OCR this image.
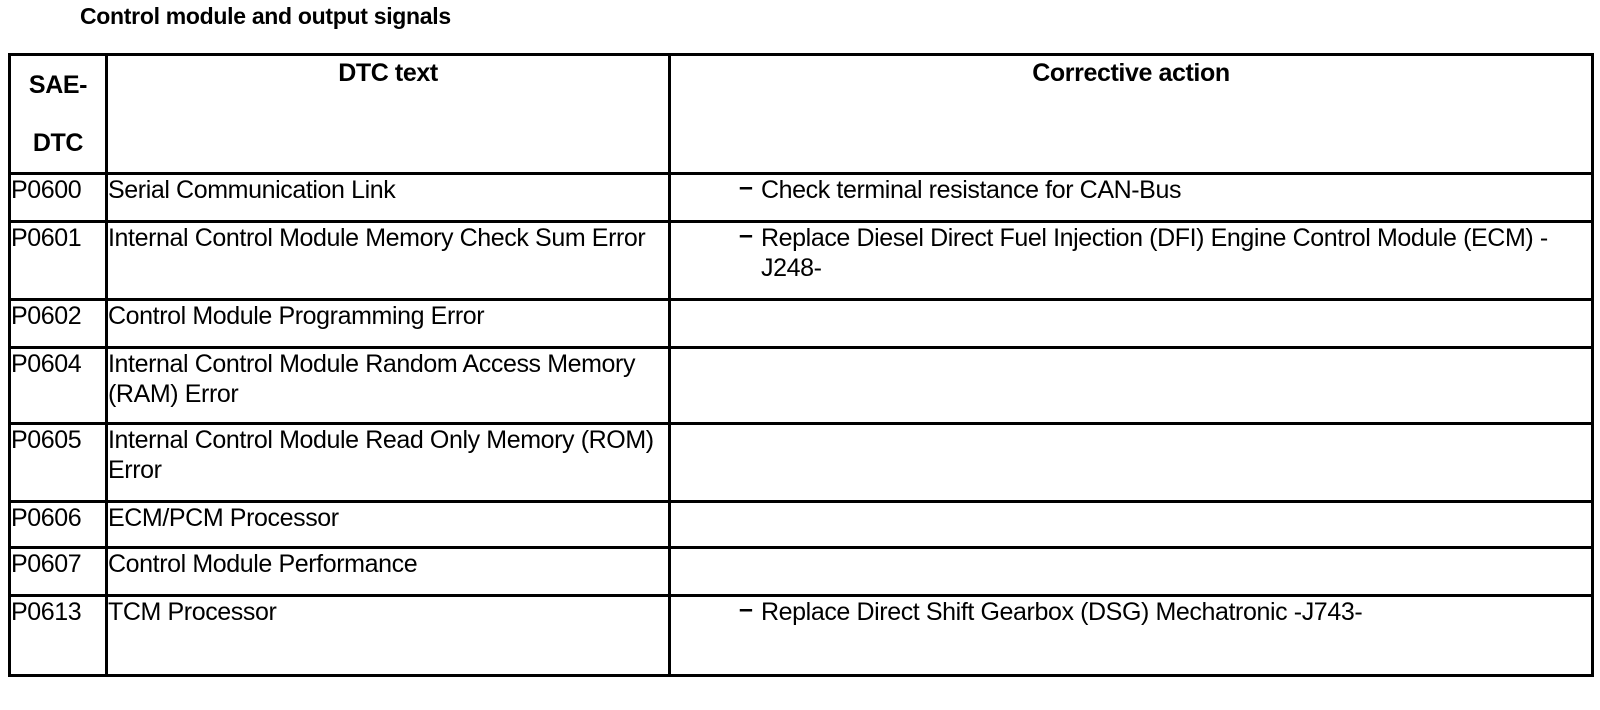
Control module and output signals
SAE-
DTC	DTC text	Corrective action
P0600	Serial Communication Link	– Check terminal resistance for CAN-Bus

P0601	Internal Control Module Memory Check Sum Error	– Replace Diesel Direct Fuel Injection (DFI) Engine Control Module (ECM) -J248-

P0602	Control Module Programming Error	
P0604	Internal Control Module Random Access Memory (RAM) Error	
P0605	Internal Control Module Read Only Memory (ROM) Error	
P0606	ECM/PCM Processor	
P0607	Control Module Performance	
P0613	TCM Processor	– Replace Direct Shift Gearbox (DSG) Mechatronic -J743-
